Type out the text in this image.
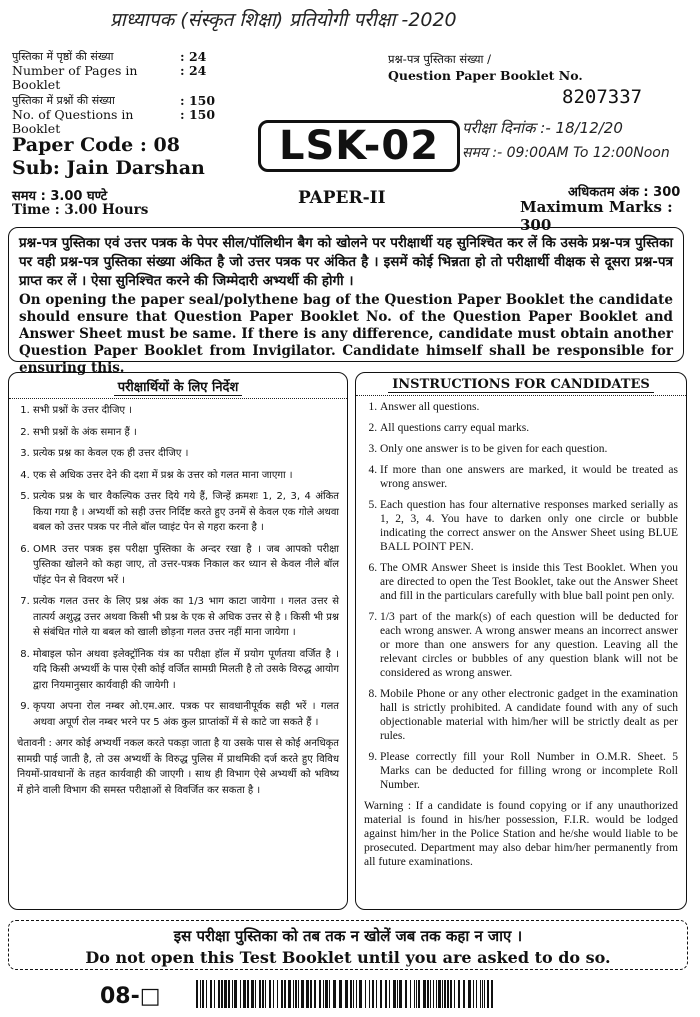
प्राध्यापक (संस्कृत शिक्षा) प्रतियोगी परीक्षा -2020
पुस्तिका में पृष्ठों की संख्या	: 24
Number of Pages in Booklet
: 24
पुस्तिका में प्रश्नों की संख्या	: 150
No. of Questions in Booklet
: 150
Paper Code : 08
Sub: Jain Darshan
समय : 3.00 घण्टे
Time : 3.00 Hours
LSK-02
PAPER-II
प्रश्न-पत्र पुस्तिका संख्या /
Question Paper Booklet No.
8207337
परीक्षा दिनांक :- 18/12/20
समय :- 09:00AM To 12:00Noon
अधिकतम अंक : 300
Maximum Marks : 300
प्रश्न-पत्र पुस्तिका एवं उत्तर पत्रक के पेपर सील/पॉलिथीन बैग को खोलने पर परीक्षार्थी यह सुनिश्चित कर लें कि उसके प्रश्न-पत्र पुस्तिका पर वही प्रश्न-पत्र पुस्तिका संख्या अंकित है जो उत्तर पत्रक पर अंकित है । इसमें कोई भिन्नता हो तो परीक्षार्थी वीक्षक से दूसरा प्रश्न-पत्र प्राप्त कर लें । ऐसा सुनिश्चित करने की जिम्मेदारी अभ्यर्थी की होगी ।
On opening the paper seal/polythene bag of the Question Paper Booklet the candidate should ensure that Question Paper Booklet No. of the Question Paper Booklet and Answer Sheet must be same. If there is any difference, candidate must obtain another Question Paper Booklet from Invigilator. Candidate himself shall be responsible for ensuring this.
परीक्षार्थियों के लिए निर्देश
1. सभी प्रश्नों के उत्तर दीजिए ।
2. सभी प्रश्नों के अंक समान हैं ।
3. प्रत्येक प्रश्न का केवल एक ही उत्तर दीजिए ।
4. एक से अधिक उत्तर देने की दशा में प्रश्न के उत्तर को गलत माना जाएगा ।
5. प्रत्येक प्रश्न के चार वैकल्पिक उत्तर दिये गये हैं, जिन्हें क्रमशः 1, 2, 3, 4 अंकित किया गया है । अभ्यर्थी को सही उत्तर निर्दिष्ट करते हुए उनमें से केवल एक गोले अथवा बबल को उत्तर पत्रक पर नीले बॉल प्वाइंट पेन से गहरा करना है ।
6. OMR उत्तर पत्रक इस परीक्षा पुस्तिका के अन्दर रखा है । जब आपको परीक्षा पुस्तिका खोलने को कहा जाए, तो उत्तर-पत्रक निकाल कर ध्यान से केवल नीले बॉल पॉइंट पेन से विवरण भरें ।
7. प्रत्येक गलत उत्तर के लिए प्रश्न अंक का 1/3 भाग काटा जायेगा । गलत उत्तर से तात्पर्य अशुद्ध उत्तर अथवा किसी भी प्रश्न के एक से अधिक उत्तर से है । किसी भी प्रश्न से संबंधित गोले या बबल को खाली छोड़ना गलत उत्तर नहीं माना जायेगा ।
8. मोबाइल फोन अथवा इलेक्ट्रॉनिक यंत्र का परीक्षा हॉल में प्रयोग पूर्णतया वर्जित है । यदि किसी अभ्यर्थी के पास ऐसी कोई वर्जित सामग्री मिलती है तो उसके विरुद्ध आयोग द्वारा नियमानुसार कार्यवाही की जायेगी ।
9. कृपया अपना रोल नम्बर ओ.एम.आर. पत्रक पर सावधानीपूर्वक सही भरें । गलत अथवा अपूर्ण रोल नम्बर भरने पर 5 अंक कुल प्राप्तांकों में से काटे जा सकते हैं ।
चेतावनी : अगर कोई अभ्यर्थी नकल करते पकड़ा जाता है या उसके पास से कोई अनधिकृत सामग्री पाई जाती है, तो उस अभ्यर्थी के विरुद्ध पुलिस में प्राथमिकी दर्ज करते हुए विविध नियमों-प्रावधानों के तहत कार्यवाही की जाएगी । साथ ही विभाग ऐसे अभ्यर्थी को भविष्य में होने वाली विभाग की समस्त परीक्षाओं से विवर्जित कर सकता है ।
INSTRUCTIONS FOR CANDIDATES
1. Answer all questions.
2. All questions carry equal marks.
3. Only one answer is to be given for each question.
4. If more than one answers are marked, it would be treated as wrong answer.
5. Each question has four alternative responses marked serially as 1, 2, 3, 4. You have to darken only one circle or bubble indicating the correct answer on the Answer Sheet using BLUE BALL POINT PEN.
6. The OMR Answer Sheet is inside this Test Booklet. When you are directed to open the Test Booklet, take out the Answer Sheet and fill in the particulars carefully with blue ball point pen only.
7. 1/3 part of the mark(s) of each question will be deducted for each wrong answer. A wrong answer means an incorrect answer or more than one answers for any question. Leaving all the relevant circles or bubbles of any question blank will not be considered as wrong answer.
8. Mobile Phone or any other electronic gadget in the examination hall is strictly prohibited. A candidate found with any of such objectionable material with him/her will be strictly dealt as per rules.
9. Please correctly fill your Roll Number in O.M.R. Sheet. 5 Marks can be deducted for filling wrong or incomplete Roll Number.
Warning : If a candidate is found copying or if any unauthorized material is found in his/her possession, F.I.R. would be lodged against him/her in the Police Station and he/she would liable to be prosecuted. Department may also debar him/her permanently from all future examinations.
इस परीक्षा पुस्तिका को तब तक न खोलें जब तक कहा न जाए ।
Do not open this Test Booklet until you are asked to do so.
08-□
